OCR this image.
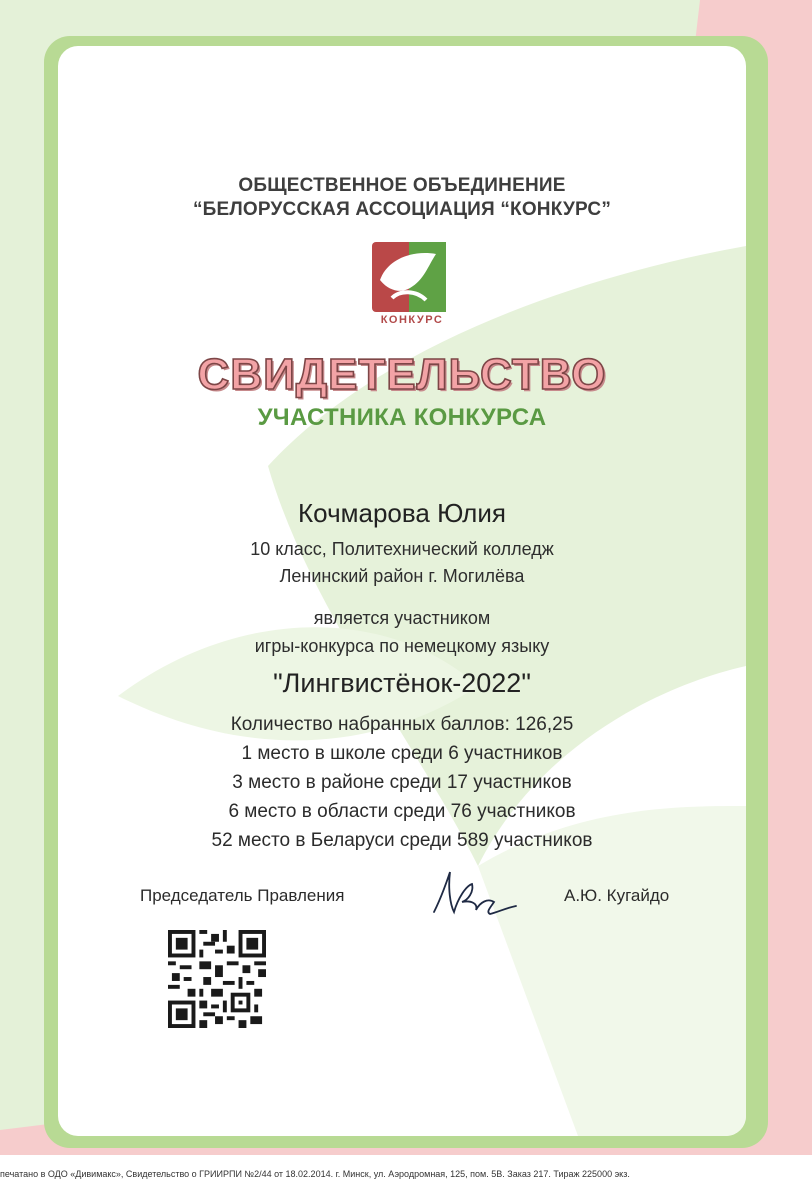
ОБЩЕСТВЕННОЕ ОБЪЕДИНЕНИЕ
“БЕЛОРУССКАЯ АССОЦИАЦИЯ “КОНКУРС”
КОНКУРС
СВИДЕТЕЛЬСТВО
УЧАСТНИКА КОНКУРСА
Кочмарова Юлия
10 класс, Политехнический колледж
Ленинский район г. Могилёва
является участником
игры-конкурса по немецкому языку
"Лингвистёнок-2022"
Количество набранных баллов: 126,25
1 место в школе среди 6 участников
3 место в районе среди 17 участников
6 место в области среди 76 участников
52 место в Беларуси среди 589 участников
Председатель Правления	А.Ю. Кугайдо
печатано в ОДО «Дивимакс», Свидетельство о ГРИИРПИ №2/44 от 18.02.2014. г. Минск, ул. Аэродромная, 125, пом. 5В. Заказ 217. Тираж 225000 экз.
